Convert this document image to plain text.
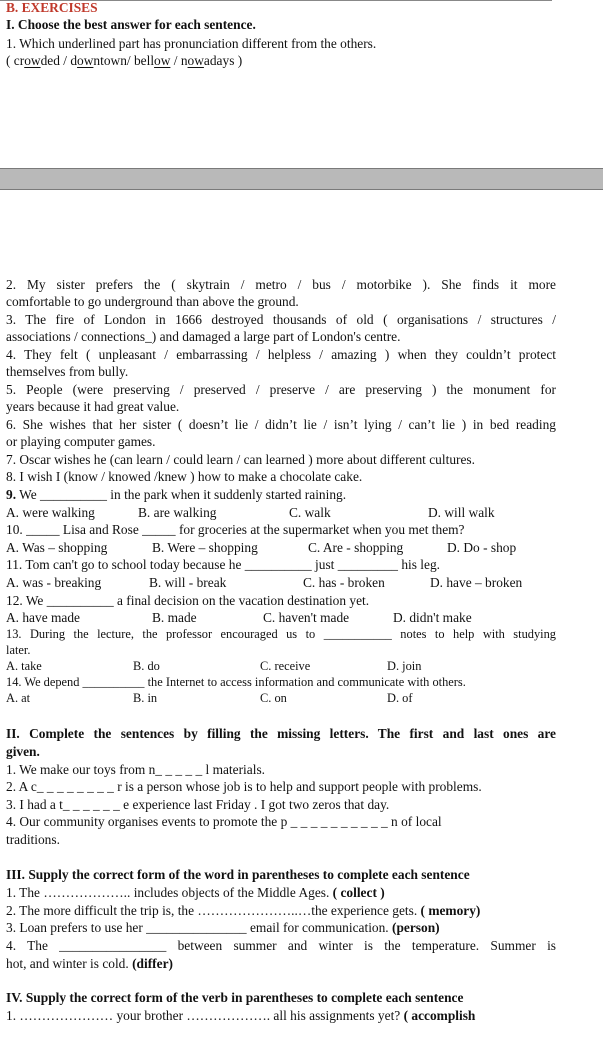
B. EXERCISES
I. Choose the best answer for each sentence.
1. Which underlined part has pronunciation different from the others.
( crowded / downtown/ bellow / nowadays )
2. My sister prefers the ( skytrain / metro / bus / motorbike ). She finds it more
comfortable to go underground than above the ground.
3. The fire of London in 1666 destroyed thousands of old ( organisations / structures /
associations / connections_) and damaged a large part of London's centre.
4. They felt ( unpleasant / embarrassing / helpless / amazing ) when they couldn’t protect
themselves from bully.
5. People (were preserving / preserved / preserve / are preserving ) the monument for
years because it had great value.
6. She wishes that her sister ( doesn’t lie / didn’t lie / isn’t lying / can’t lie ) in bed reading
or playing computer games.
7. Oscar wishes he (can learn / could learn / can learned ) more about different cultures.
8. I wish I (know / knowed /knew ) how to make a chocolate cake.
9. We __________ in the park when it suddenly started raining.
A. were walking	B. are walking	C. walk	D. will walk
10. _____ Lisa and Rose _____ for groceries at the supermarket when you met them?
A. Was – shopping	B. Were – shopping	C. Are - shopping	D. Do - shop
11. Tom can't go to school today because he __________ just _________ his leg.
A. was - breaking	B. will - break	C. has - broken	D. have – broken
12. We __________ a final decision on the vacation destination yet.
A. have made	B. made	C. haven't made	D. didn't make
13. During the lecture, the professor encouraged us to ___________ notes to help with studying
later.
A. take	B. do	C. receive	D. join
14. We depend __________ the Internet to access information and communicate with others.
A. at	B. in	C. on	D. of
II. Complete the sentences by filling the missing letters. The first and last ones are
given.
1. We make our toys from n_ _ _ _ _ l materials.
2. A c_ _ _ _ _ _ _ _ r is a person whose job is to help and support people with problems.
3. I had a t_ _ _ _ _ _ e experience last Friday . I got two zeros that day.
4. Our community organises events to promote the p _ _ _ _ _ _ _ _ _ _ n of local
traditions.
III. Supply the correct form of the word in parentheses to complete each sentence
1. The ……………….. includes objects of the Middle Ages. ( collect )
2. The more difficult the trip is, the …………………..…the experience gets. ( memory)
3. Loan prefers to use her _______________ email for communication. (person)
4. The ________________ between summer and winter is the temperature. Summer is
hot, and winter is cold. (differ)
IV. Supply the correct form of the verb in parentheses to complete each sentence
1. ………………… your brother ………………. all his assignments yet? ( accomplish
